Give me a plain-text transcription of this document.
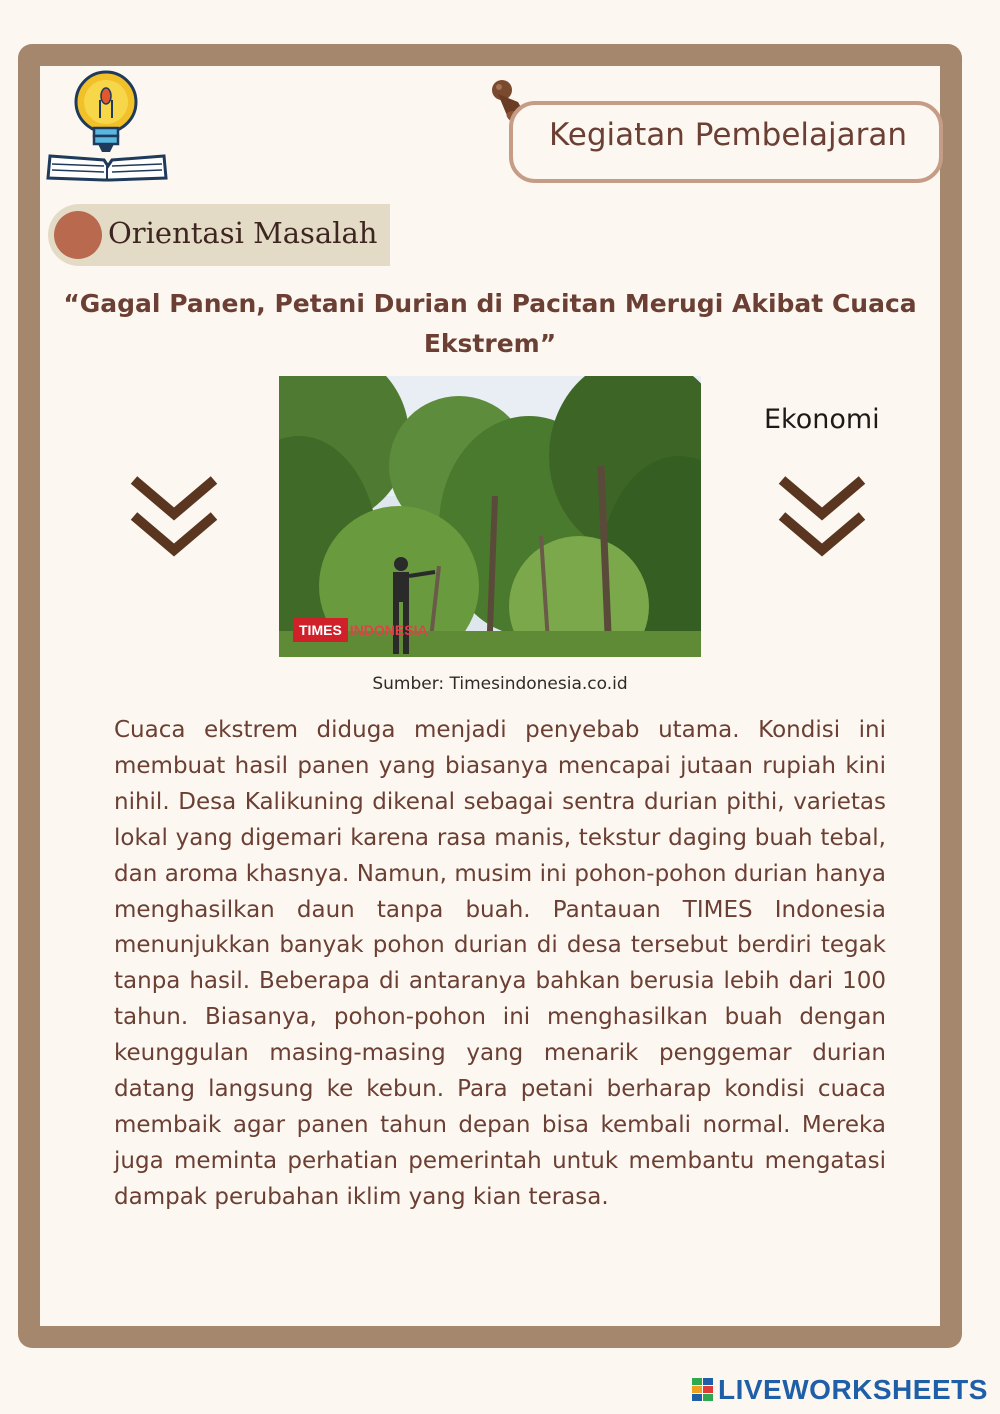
Kegiatan Pembelajaran
Orientasi Masalah
“Gagal Panen, Petani Durian di Pacitan Merugi Akibat Cuaca Ekstrem”
TIMES INDONESIA
Sumber: Timesindonesia.co.id
Ekonomi
Cuaca ekstrem diduga menjadi penyebab utama. Kondisi ini membuat hasil panen yang biasanya mencapai jutaan rupiah kini nihil. Desa Kalikuning dikenal sebagai sentra durian pithi, varietas lokal yang digemari karena rasa manis, tekstur daging buah tebal, dan aroma khasnya. Namun, musim ini pohon-pohon durian hanya menghasilkan daun tanpa buah. Pantauan TIMES Indonesia menunjukkan banyak pohon durian di desa tersebut berdiri tegak tanpa hasil. Beberapa di antaranya bahkan berusia lebih dari 100 tahun. Biasanya, pohon-pohon ini menghasilkan buah dengan keunggulan masing-masing yang menarik penggemar durian datang langsung ke kebun. Para petani berharap kondisi cuaca membaik agar panen tahun depan bisa kembali normal. Mereka juga meminta perhatian pemerintah untuk membantu mengatasi dampak perubahan iklim yang kian terasa.
LIVEWORKSHEETS
